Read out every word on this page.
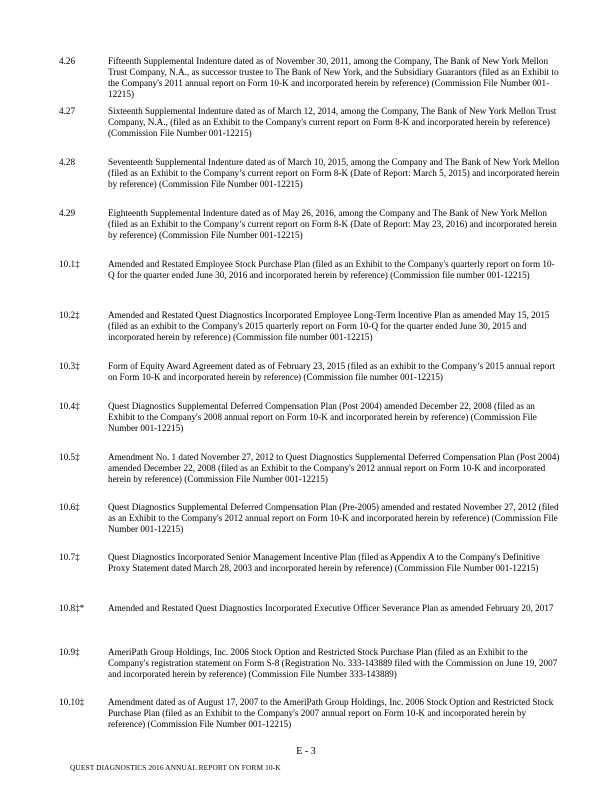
4.26	Fifteenth Supplemental Indenture dated as of November 30, 2011, among the Company, The Bank of New York Mellon Trust Company, N.A., as successor trustee to The Bank of New York, and the Subsidiary Guarantors (filed as an Exhibit to the Company's 2011 annual report on Form 10-K and incorporated herein by reference) (Commission File Number 001-12215)
4.27	Sixteenth Supplemental Indenture dated as of March 12, 2014, among the Company, The Bank of New York Mellon Trust Company, N.A., (filed as an Exhibit to the Company's current report on Form 8-K and incorporated herein by reference) (Commission File Number 001-12215)
4.28	Seventeenth Supplemental Indenture dated as of March 10, 2015, among the Company and The Bank of New York Mellon (filed as an Exhibit to the Company’s current report on Form 8-K (Date of Report: March 5, 2015) and incorporated herein by reference) (Commission File Number 001-12215)
4.29	Eighteenth Supplemental Indenture dated as of May 26, 2016, among the Company and The Bank of New York Mellon (filed as an Exhibit to the Company’s current report on Form 8-K (Date of Report: May 23, 2016) and incorporated herein by reference) (Commission File Number 001-12215)
10.1‡	Amended and Restated Employee Stock Purchase Plan (filed as an Exhibit to the Company's quarterly report on form 10-Q for the quarter ended June 30, 2016 and incorporated herein by reference) (Commission file number 001-12215)
10.2‡	Amended and Restated Quest Diagnostics Incorporated Employee Long-Term Incentive Plan as amended May 15, 2015 (filed as an exhibit to the Company's 2015 quarterly report on Form 10-Q for the quarter ended June 30, 2015 and incorporated herein by reference) (Commission file number 001-12215)
10.3‡	Form of Equity Award Agreement dated as of February 23, 2015 (filed as an exhibit to the Company’s 2015 annual report on Form 10-K and incorporated herein by reference) (Commission file number 001-12215)
10.4‡	Quest Diagnostics Supplemental Deferred Compensation Plan (Post 2004) amended December 22, 2008 (filed as an Exhibit to the Company's 2008 annual report on Form 10-K and incorporated herein by reference) (Commission File Number 001-12215)
10.5‡	Amendment No. 1 dated November 27, 2012 to Quest Diagnostics Supplemental Deferred Compensation Plan (Post 2004) amended December 22, 2008 (filed as an Exhibit to the Company's 2012 annual report on Form 10-K and incorporated herein by reference) (Commission File Number 001-12215)
10.6‡	Quest Diagnostics Supplemental Deferred Compensation Plan (Pre-2005) amended and restated November 27, 2012 (filed as an Exhibit to the Company's 2012 annual report on Form 10-K and incorporated herein by reference) (Commission File Number 001-12215)
10.7‡	Quest Diagnostics Incorporated Senior Management Incentive Plan (filed as Appendix A to the Company's Definitive Proxy Statement dated March 28, 2003 and incorporated herein by reference) (Commission File Number 001-12215)
10.8‡*	Amended and Restated Quest Diagnostics Incorporated Executive Officer Severance Plan as amended February 20, 2017
10.9‡	AmeriPath Group Holdings, Inc. 2006 Stock Option and Restricted Stock Purchase Plan (filed as an Exhibit to the Company's registration statement on Form S-8 (Registration No. 333-143889 filed with the Commission on June 19, 2007 and incorporated herein by reference) (Commission File Number 333-143889)
10.10‡	Amendment dated as of August 17, 2007 to the AmeriPath Group Holdings, Inc. 2006 Stock Option and Restricted Stock Purchase Plan (filed as an Exhibit to the Company's 2007 annual report on Form 10-K and incorporated herein by reference) (Commission File Number 001-12215)
E - 3
QUEST DIAGNOSTICS 2016 ANNUAL REPORT ON FORM 10-K
